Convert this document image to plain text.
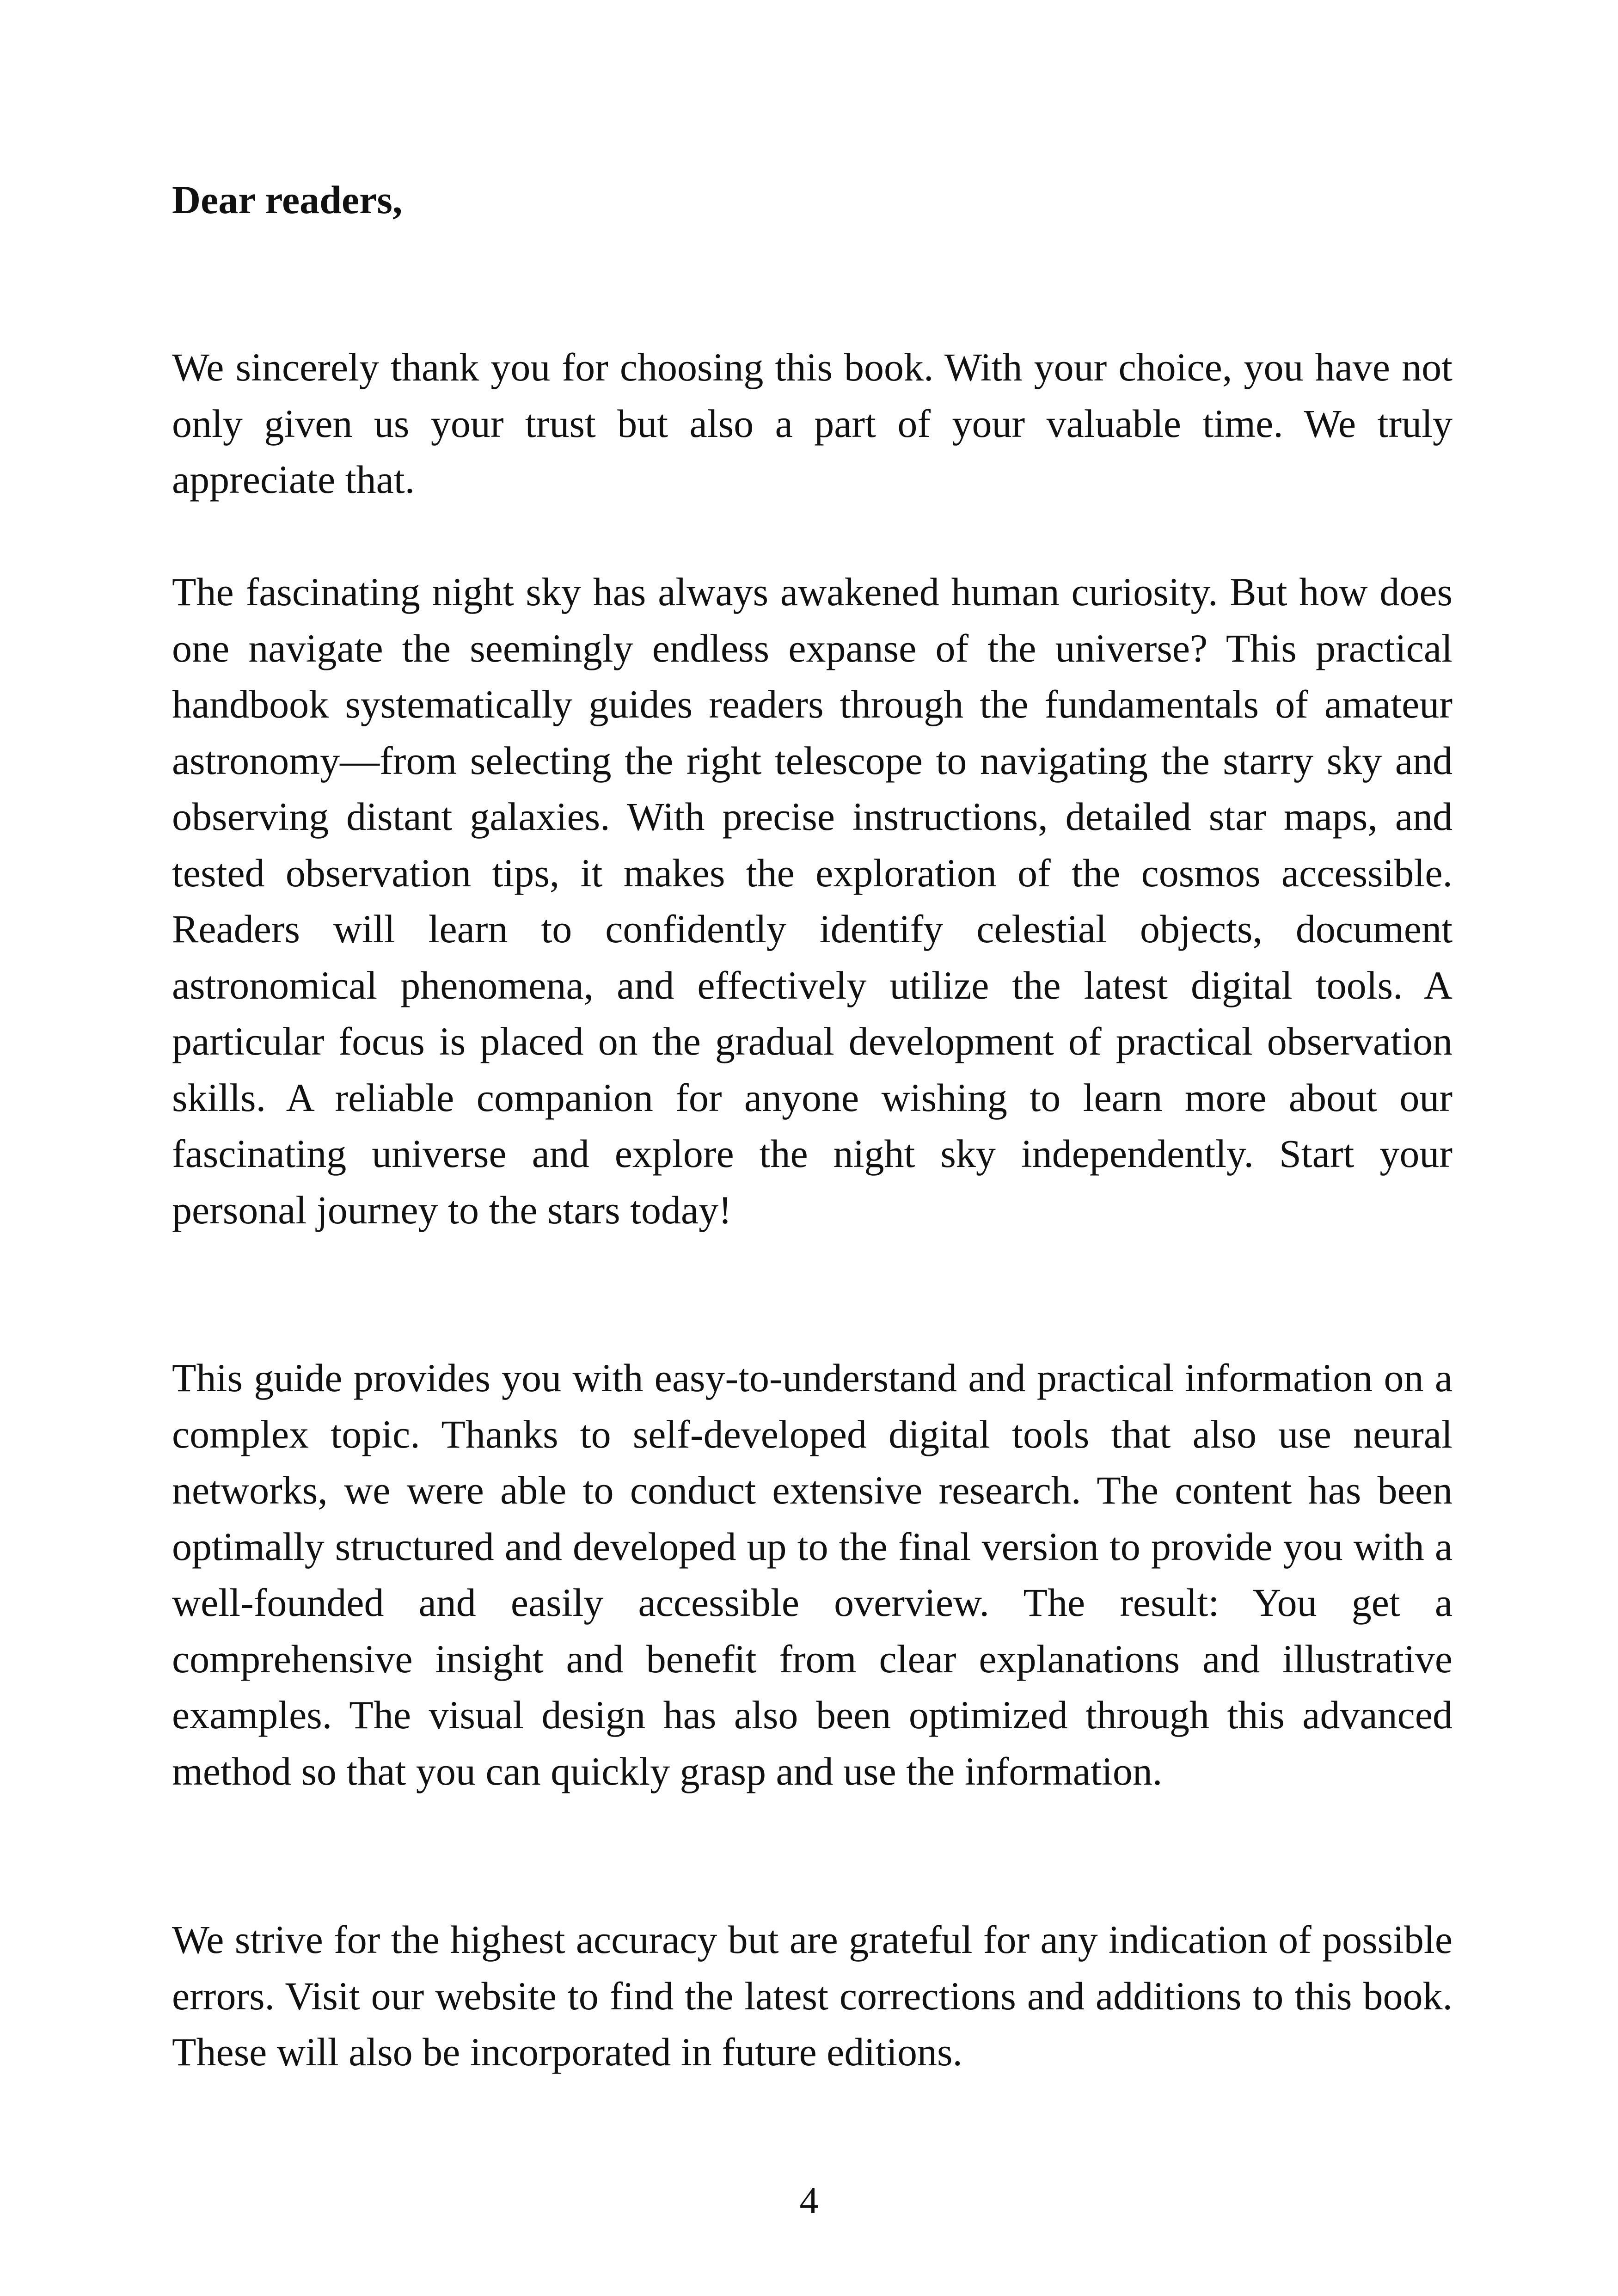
Dear readers,

We sincerely thank you for choosing this book. With your choice, you have not only given us your trust but also a part of your valuable time. We truly appreciate that.

The fascinating night sky has always awakened human curiosity. But how does one navigate the seemingly endless expanse of the universe? This practical handbook systematically guides readers through the fundamentals of amateur astronomy—from selecting the right telescope to navigating the starry sky and observing distant galaxies. With precise instructions, detailed star maps, and tested observation tips, it makes the exploration of the cosmos accessible. Readers will learn to confidently identify celestial objects, document astronomical phenomena, and effectively utilize the latest digital tools. A particular focus is placed on the gradual development of practical observation skills. A reliable companion for anyone wishing to learn more about our fascinating universe and explore the night sky independently. Start your personal journey to the stars today!

This guide provides you with easy-to-understand and practical information on a complex topic. Thanks to self-developed digital tools that also use neural networks, we were able to conduct extensive research. The content has been optimally structured and developed up to the final version to provide you with a well-founded and easily accessible overview. The result: You get a comprehensive insight and benefit from clear explanations and illustrative examples. The visual design has also been optimized through this advanced method so that you can quickly grasp and use the information.

We strive for the highest accuracy but are grateful for any indication of possible errors. Visit our website to find the latest corrections and additions to this book. These will also be incorporated in future editions.

4
